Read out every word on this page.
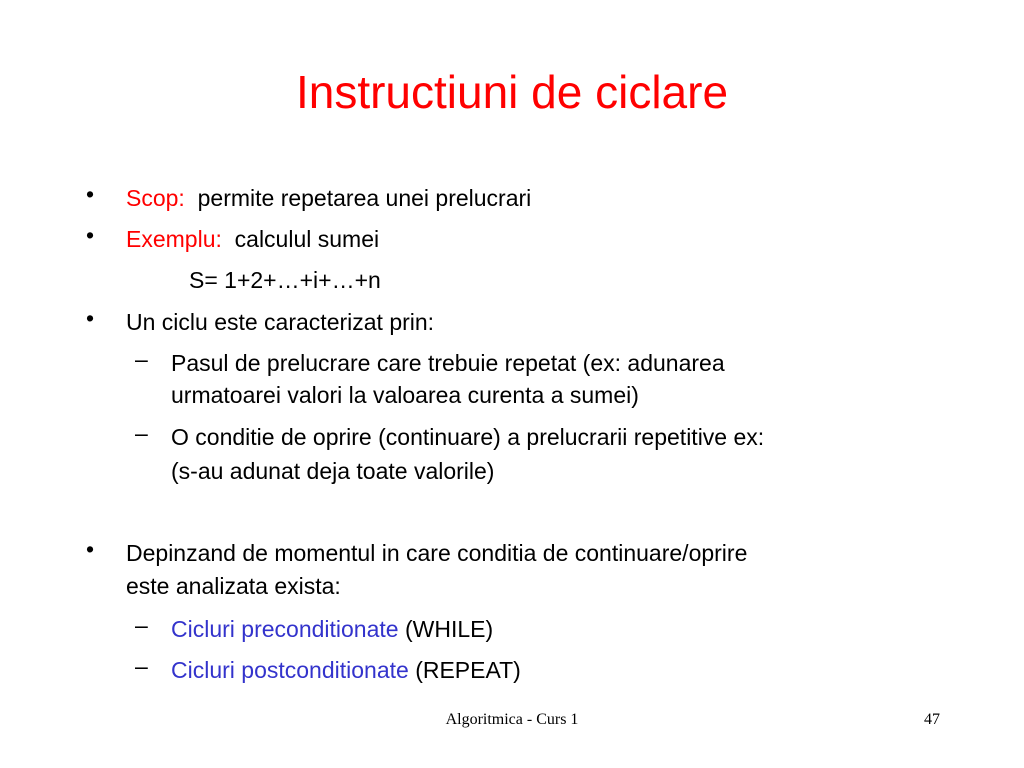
Instructiuni de ciclare
• Scop: permite repetarea unei prelucrari
• Exemplu: calculul sumei
S= 1+2+…+i+…+n
• Un ciclu este caracterizat prin:
– Pasul de prelucrare care trebuie repetat (ex: adunarea
urmatoarei valori la valoarea curenta a sumei)
– O conditie de oprire (continuare) a prelucrarii repetitive ex:
(s-au adunat deja toate valorile)
• Depinzand de momentul in care conditia de continuare/oprire
este analizata exista:
– Cicluri preconditionate (WHILE)
– Cicluri postconditionate (REPEAT)
Algoritmica - Curs 1	47
